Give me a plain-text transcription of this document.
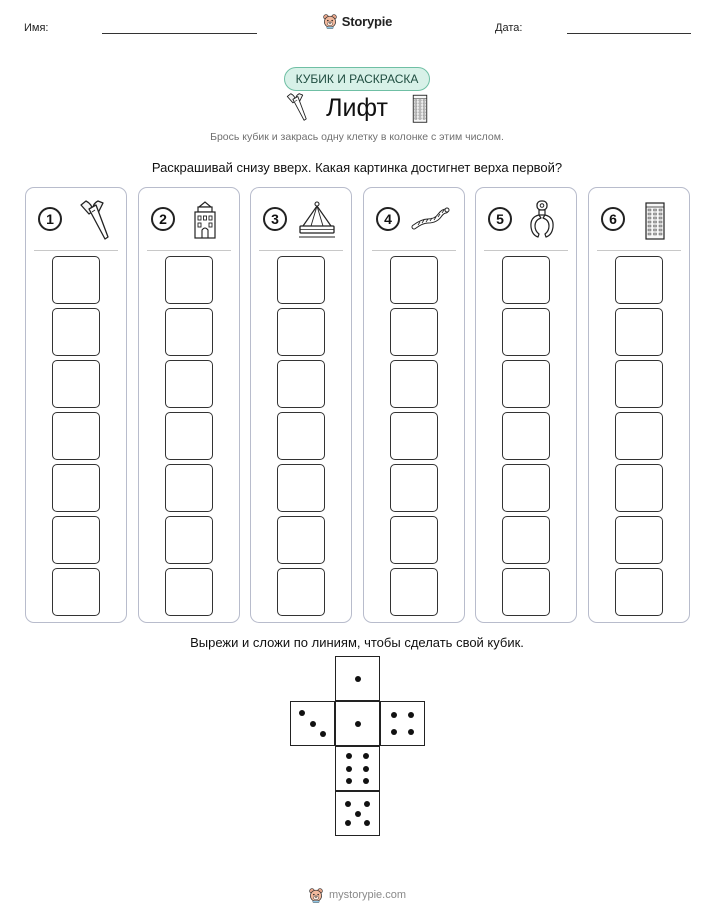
Имя:	Storypie	Дата:
КУБИК И РАСКРАСКА
Лифт
Брось кубик и закрась одну клетку в колонке с этим числом.
Раскрашивай снизу вверх. Какая картинка достигнет верха первой?
1	2	3	4	5	6
Вырежи и сложи по линиям, чтобы сделать свой кубик.
mystorypie.com
